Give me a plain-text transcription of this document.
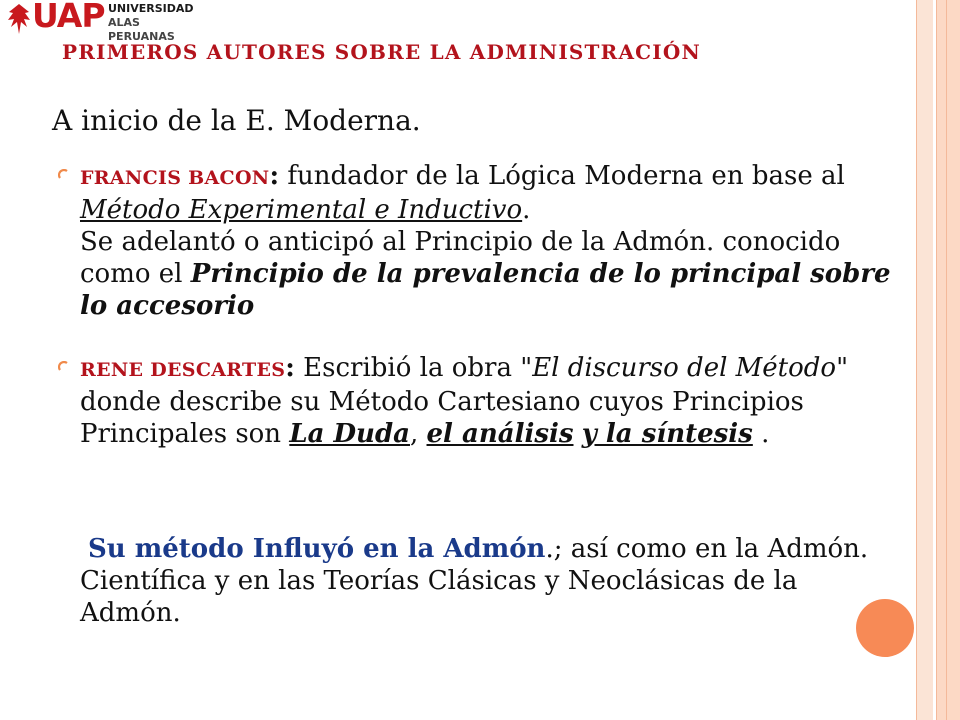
UAP UNIVERSIDAD
ALAS PERUANAS
PRIMEROS AUTORES SOBRE LA ADMINISTRACIÓN
A inicio de la E. Moderna.
FRANCIS BACON: fundador de la Lógica Moderna en base al Método Experimental e Inductivo.
Se adelantó o anticipó al Principio de la Admón. conocido como el Principio de la prevalencia de lo principal sobre lo accesorio
RENE DESCARTES: Escribió la obra "El discurso del Método" donde describe su Método Cartesiano cuyos Principios Principales son La Duda, el análisis y la síntesis .
Su método Influyó en la Admón.; así como en la Admón. Científica y en las Teorías Clásicas y Neoclásicas de la Admón.
